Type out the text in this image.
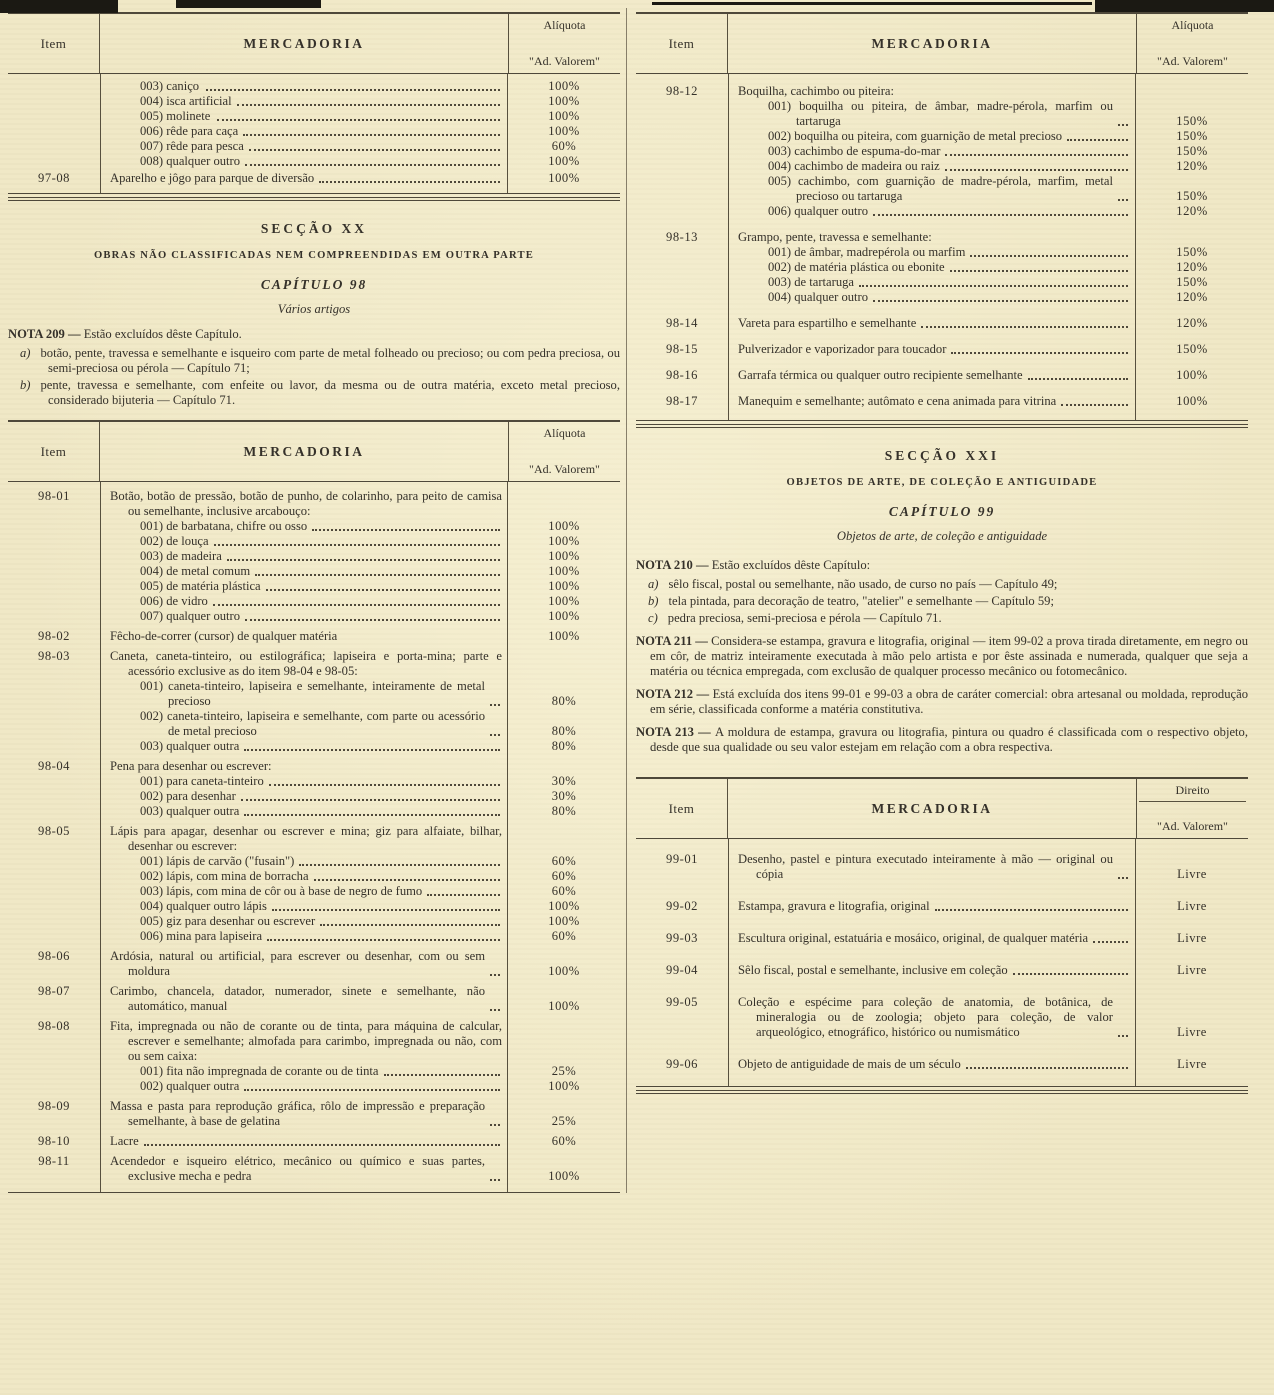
Item	MERCADORIA
Alíquota
"Ad. Valorem"
003) caniço	100%
004) isca artificial	100%
005) molinete	100%
006) rêde para caça	100%
007) rêde para pesca	60%
008) qualquer outro	100%
97-08	Aparelho e jôgo para parque de diversão	100%
SECÇÃO XX
OBRAS NÃO CLASSIFICADAS NEM COMPREENDIDAS EM OUTRA PARTE
CAPÍTULO 98
Vários artigos
NOTA 209 — Estão excluídos dêste Capítulo.
a) botão, pente, travessa e semelhante e isqueiro com parte de metal folheado ou precioso; ou com pedra preciosa, ou semi-preciosa ou pérola — Capítulo 71;
b) pente, travessa e semelhante, com enfeite ou lavor, da mesma ou de outra matéria, exceto metal precioso, considerado bijuteria — Capítulo 71.
Item	MERCADORIA
Alíquota
"Ad. Valorem"
98-01	Botão, botão de pressão, botão de punho, de colarinho, para peito de camisa ou semelhante, inclusive arcabouço:
001) de barbatana, chifre ou osso	100%
002) de louça	100%
003) de madeira	100%
004) de metal comum	100%
005) de matéria plástica	100%
006) de vidro	100%
007) qualquer outro	100%
98-02	Fêcho-de-correr (cursor) de qualquer matéria	100%
98-03	Caneta, caneta-tinteiro, ou estilográfica; lapiseira e porta-mina; parte e acessório exclusive as do item 98-04 e 98-05:
001) caneta-tinteiro, lapiseira e semelhante, inteiramente de metal precioso	80%
002) caneta-tinteiro, lapiseira e semelhante, com parte ou acessório de metal precioso	80%
003) qualquer outra	80%
98-04	Pena para desenhar ou escrever:
001) para caneta-tinteiro	30%
002) para desenhar	30%
003) qualquer outra	80%
98-05	Lápis para apagar, desenhar ou escrever e mina; giz para alfaiate, bilhar, desenhar ou escrever:
001) lápis de carvão ("fusain")	60%
002) lápis, com mina de borracha	60%
003) lápis, com mina de côr ou à base de negro de fumo	60%
004) qualquer outro lápis	100%
005) giz para desenhar ou escrever	100%
006) mina para lapiseira	60%
98-06	Ardósia, natural ou artificial, para escrever ou desenhar, com ou sem moldura	100%
98-07	Carimbo, chancela, datador, numerador, sinete e semelhante, não automático, manual	100%
98-08	Fita, impregnada ou não de corante ou de tinta, para máquina de calcular, escrever e semelhante; almofada para carimbo, impregnada ou não, com ou sem caixa:
001) fita não impregnada de corante ou de tinta	25%
002) qualquer outra	100%
98-09	Massa e pasta para reprodução gráfica, rôlo de impressão e preparação semelhante, à base de gelatina	25%
98-10	Lacre	60%
98-11	Acendedor e isqueiro elétrico, mecânico ou químico e suas partes, exclusive mecha e pedra	100%
Item	MERCADORIA
Alíquota
"Ad. Valorem"
98-12	Boquilha, cachimbo ou piteira:
001) boquilha ou piteira, de âmbar, madre-pérola, marfim ou tartaruga	150%
002) boquilha ou piteira, com guarnição de metal precioso	150%
003) cachimbo de espuma-do-mar	150%
004) cachimbo de madeira ou raiz	120%
005) cachimbo, com guarnição de madre-pérola, marfim, metal precioso ou tartaruga	150%
006) qualquer outro	120%
98-13	Grampo, pente, travessa e semelhante:
001) de âmbar, madrepérola ou marfim	150%
002) de matéria plástica ou ebonite	120%
003) de tartaruga	150%
004) qualquer outro	120%
98-14	Vareta para espartilho e semelhante	120%
98-15	Pulverizador e vaporizador para toucador	150%
98-16	Garrafa térmica ou qualquer outro recipiente semelhante	100%
98-17	Manequim e semelhante; autômato e cena animada para vitrina	100%
SECÇÃO XXI
OBJETOS DE ARTE, DE COLEÇÃO E ANTIGUIDADE
CAPÍTULO 99
Objetos de arte, de coleção e antiguidade
NOTA 210 — Estão excluídos dêste Capítulo:
a) sêlo fiscal, postal ou semelhante, não usado, de curso no país — Capítulo 49;
b) tela pintada, para decoração de teatro, "atelier" e semelhante — Capítulo 59;
c) pedra preciosa, semi-preciosa e pérola — Capítulo 71.
NOTA 211 — Considera-se estampa, gravura e litografia, original — item 99-02 a prova tirada diretamente, em negro ou em côr, de matriz inteiramente executada à mão pelo artista e por êste assinada e numerada, qualquer que seja a matéria ou técnica empregada, com exclusão de qualquer processo mecânico ou fotomecânico.
NOTA 212 — Está excluída dos itens 99-01 e 99-03 a obra de caráter comercial: obra artesanal ou moldada, reprodução em série, classificada conforme a matéria constitutiva.
NOTA 213 — A moldura de estampa, gravura ou litografia, pintura ou quadro é classificada com o respectivo objeto, desde que sua qualidade ou seu valor estejam em relação com a obra respectiva.
Item	MERCADORIA
Direito
"Ad. Valorem"
99-01	Desenho, pastel e pintura executado inteiramente à mão — original ou cópia	Livre
99-02	Estampa, gravura e litografia, original	Livre
99-03	Escultura original, estatuária e mosáico, original, de qualquer matéria	Livre
99-04	Sêlo fiscal, postal e semelhante, inclusive em coleção	Livre
99-05	Coleção e espécime para coleção de anatomia, de botânica, de mineralogia ou de zoologia; objeto para coleção, de valor arqueológico, etnográfico, histórico ou numismático	Livre
99-06	Objeto de antiguidade de mais de um século	Livre
